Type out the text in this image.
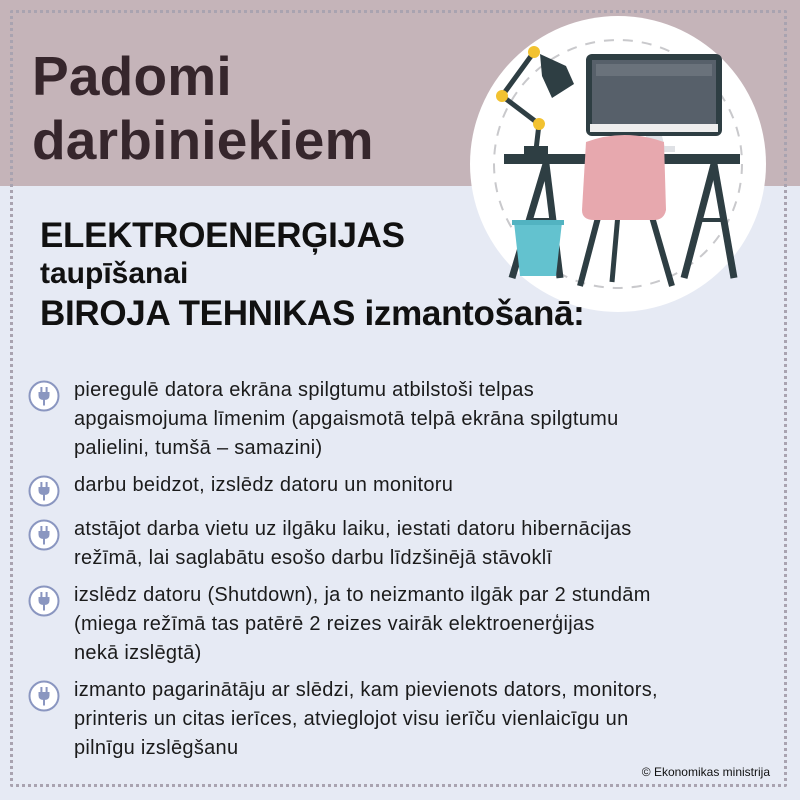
Padomi
darbiniekiem
ELEKTROENERĢIJAS
taupīšanai
BIROJA TEHNIKAS izmantošanā:
pieregulē datora ekrāna spilgtumu atbilstoši telpas
apgaismojuma līmenim (apgaismotā telpā ekrāna spilgtumu
palielini, tumšā – samazini)
darbu beidzot, izslēdz datoru un monitoru
atstājot darba vietu uz ilgāku laiku, iestati datoru hibernācijas
režīmā, lai saglabātu esošo darbu līdzšinējā stāvoklī
izslēdz datoru (Shutdown), ja to neizmanto ilgāk par 2 stundām
(miega režīmā tas patērē 2 reizes vairāk elektroenerģijas
nekā izslēgtā)
izmanto pagarinātāju ar slēdzi, kam pievienots dators, monitors,
printeris un citas ierīces, atvieglojot visu ierīču vienlaicīgu un
pilnīgu izslēgšanu
© Ekonomikas ministrija
